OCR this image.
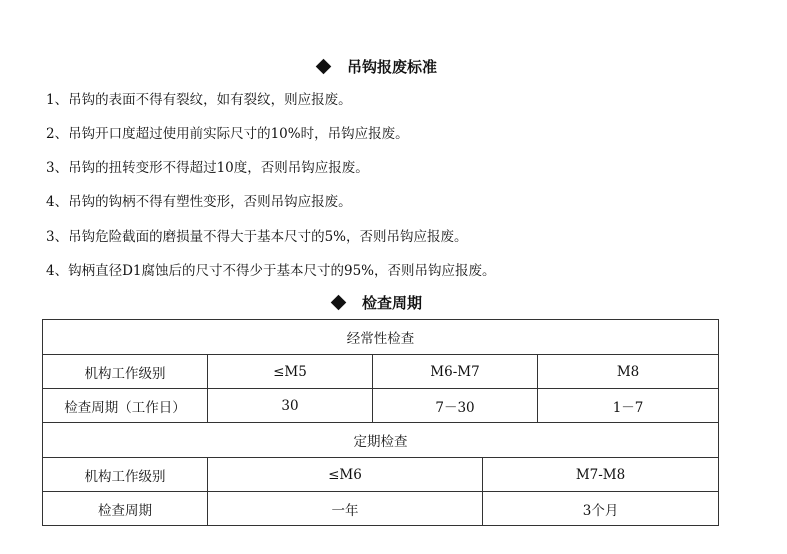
吊钩报废标准
1、吊钩的表面不得有裂纹，如有裂纹，则应报废。
2、吊钩开口度超过使用前实际尺寸的10%时，吊钩应报废。
3、吊钩的扭转变形不得超过10度，否则吊钩应报废。
4、吊钩的钩柄不得有塑性变形，否则吊钩应报废。
3、吊钩危险截面的磨损量不得大于基本尺寸的5%，否则吊钩应报废。
4、钩柄直径D1腐蚀后的尺寸不得少于基本尺寸的95%，否则吊钩应报废。
检查周期
经常性检查				
机构工作级别	≤M5	M6-M7		M8
检查周期（工作日）	30	7－30		1－7
定期检查				
机构工作级别	≤M6		M7-M8	
检查周期	一年		3个月	
